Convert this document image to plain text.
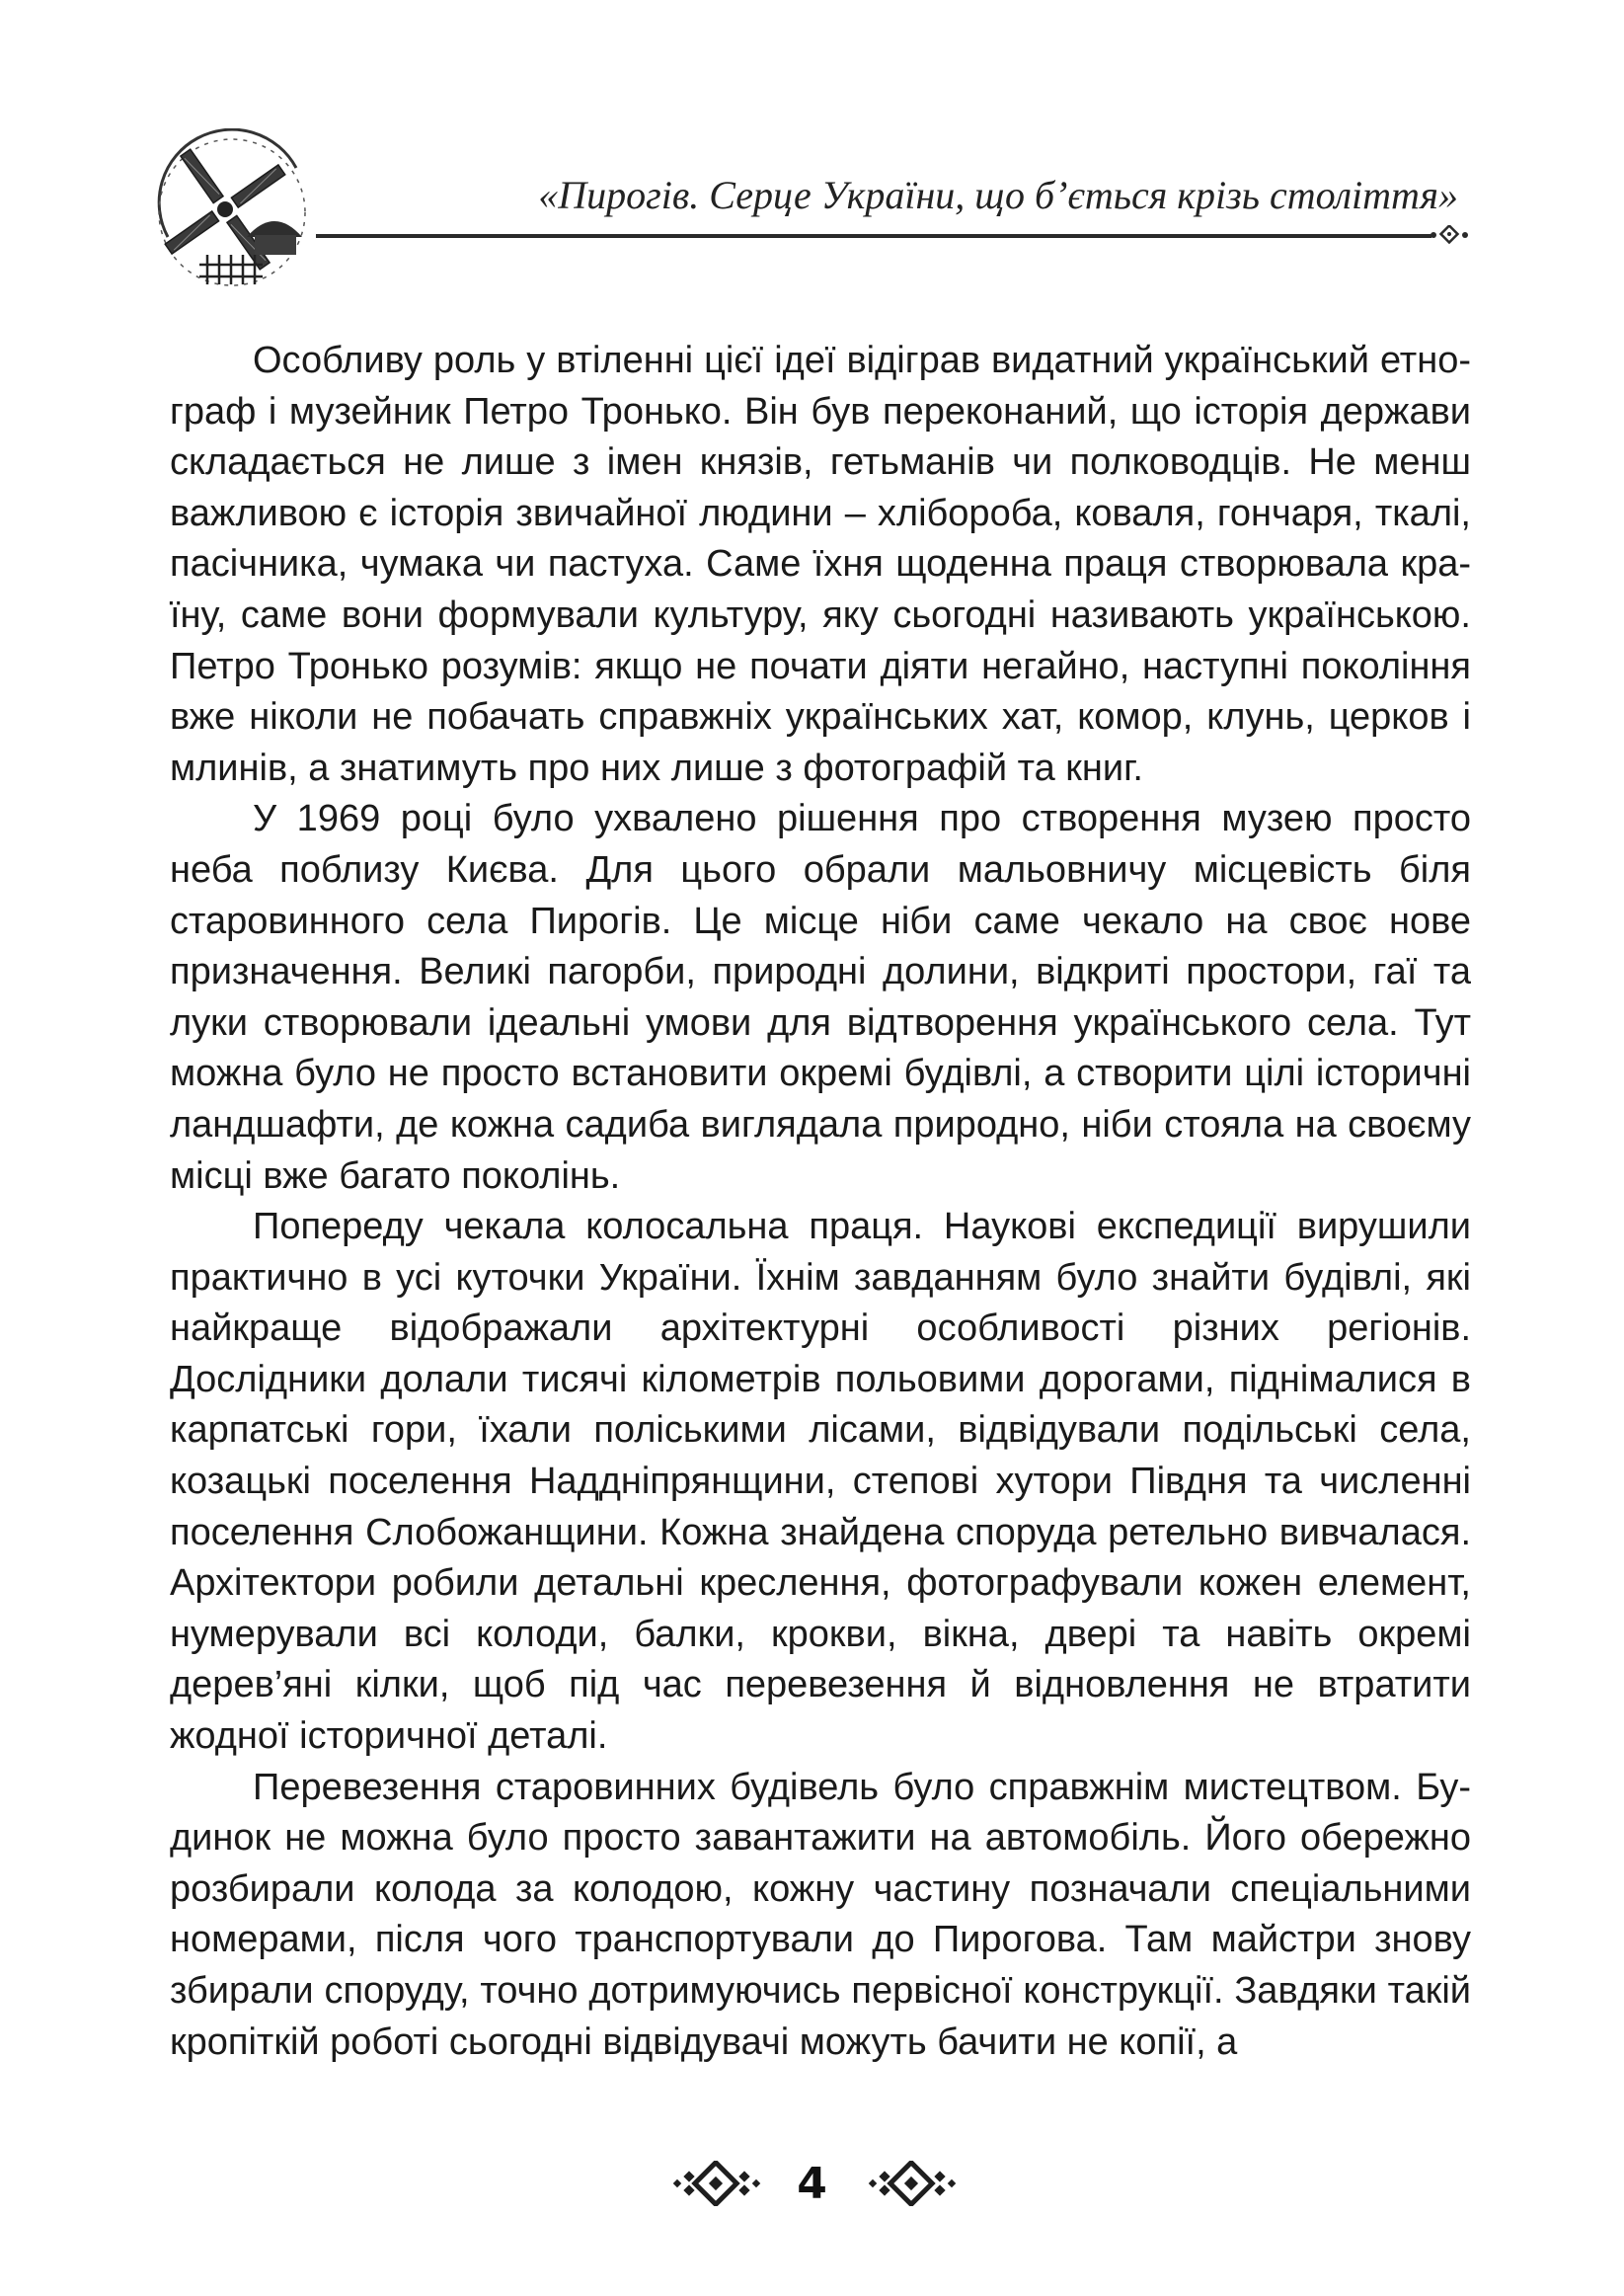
«Пирогів. Серце України, що б’ється крізь століття»

Особливу роль у втіленні цієї ідеї відіграв видатний український етнограф і музейник Петро Тронько. Він був переконаний, що історія держави складається не лише з імен князів, гетьманів чи полководців. Не менш важливою є історія звичайної людини – хлібороба, коваля, гончаря, ткалі, пасічника, чумака чи пастуха. Саме їхня щоденна праця створювала країну, саме вони формували культуру, яку сьогодні називають українською. Петро Тронько розумів: якщо не почати діяти негайно, наступні покоління вже ніколи не побачать справжніх українських хат, комор, клунь, церков і млинів, а знатимуть про них лише з фотографій та книг.

У 1969 році було ухвалено рішення про створення музею просто неба поблизу Києва. Для цього обрали мальовничу місцевість біля старовинного села Пирогів. Це місце ніби саме чекало на своє нове призначення. Великі пагорби, природні долини, відкриті простори, гаї та луки створювали ідеальні умови для відтворення українського села. Тут можна було не просто встановити окремі будівлі, а створити цілі історичні ландшафти, де кожна садиба виглядала природно, ніби стояла на своєму місці вже багато поколінь.

Попереду чекала колосальна праця. Наукові експедиції вирушили практично в усі куточки України. Їхнім завданням було знайти будівлі, які найкраще відображали архітектурні особливості різних регіонів. Дослідники долали тисячі кілометрів польовими дорогами, піднімалися в карпатські гори, їхали поліськими лісами, відвідували подільські села, козацькі поселення Наддніпрянщини, степові хутори Півдня та численні поселення Слобожанщини. Кожна знайдена споруда ретельно вивчалася. Архітектори робили детальні креслення, фотографували кожен елемент, нумерували всі колоди, балки, крокви, вікна, двері та навіть окремі дерев’яні кілки, щоб під час перевезення й відновлення не втратити жодної історичної деталі.

Перевезення старовинних будівель було справжнім мистецтвом. Будинок не можна було просто завантажити на автомобіль. Його обережно розбирали колода за колодою, кожну частину позначали спеціальними номерами, після чого транспортували до Пирогова. Там майстри знову збирали споруду, точно дотримуючись первісної конструкції. Завдяки такій кропіткій роботі сьогодні відвідувачі можуть бачити не копії, а

4
